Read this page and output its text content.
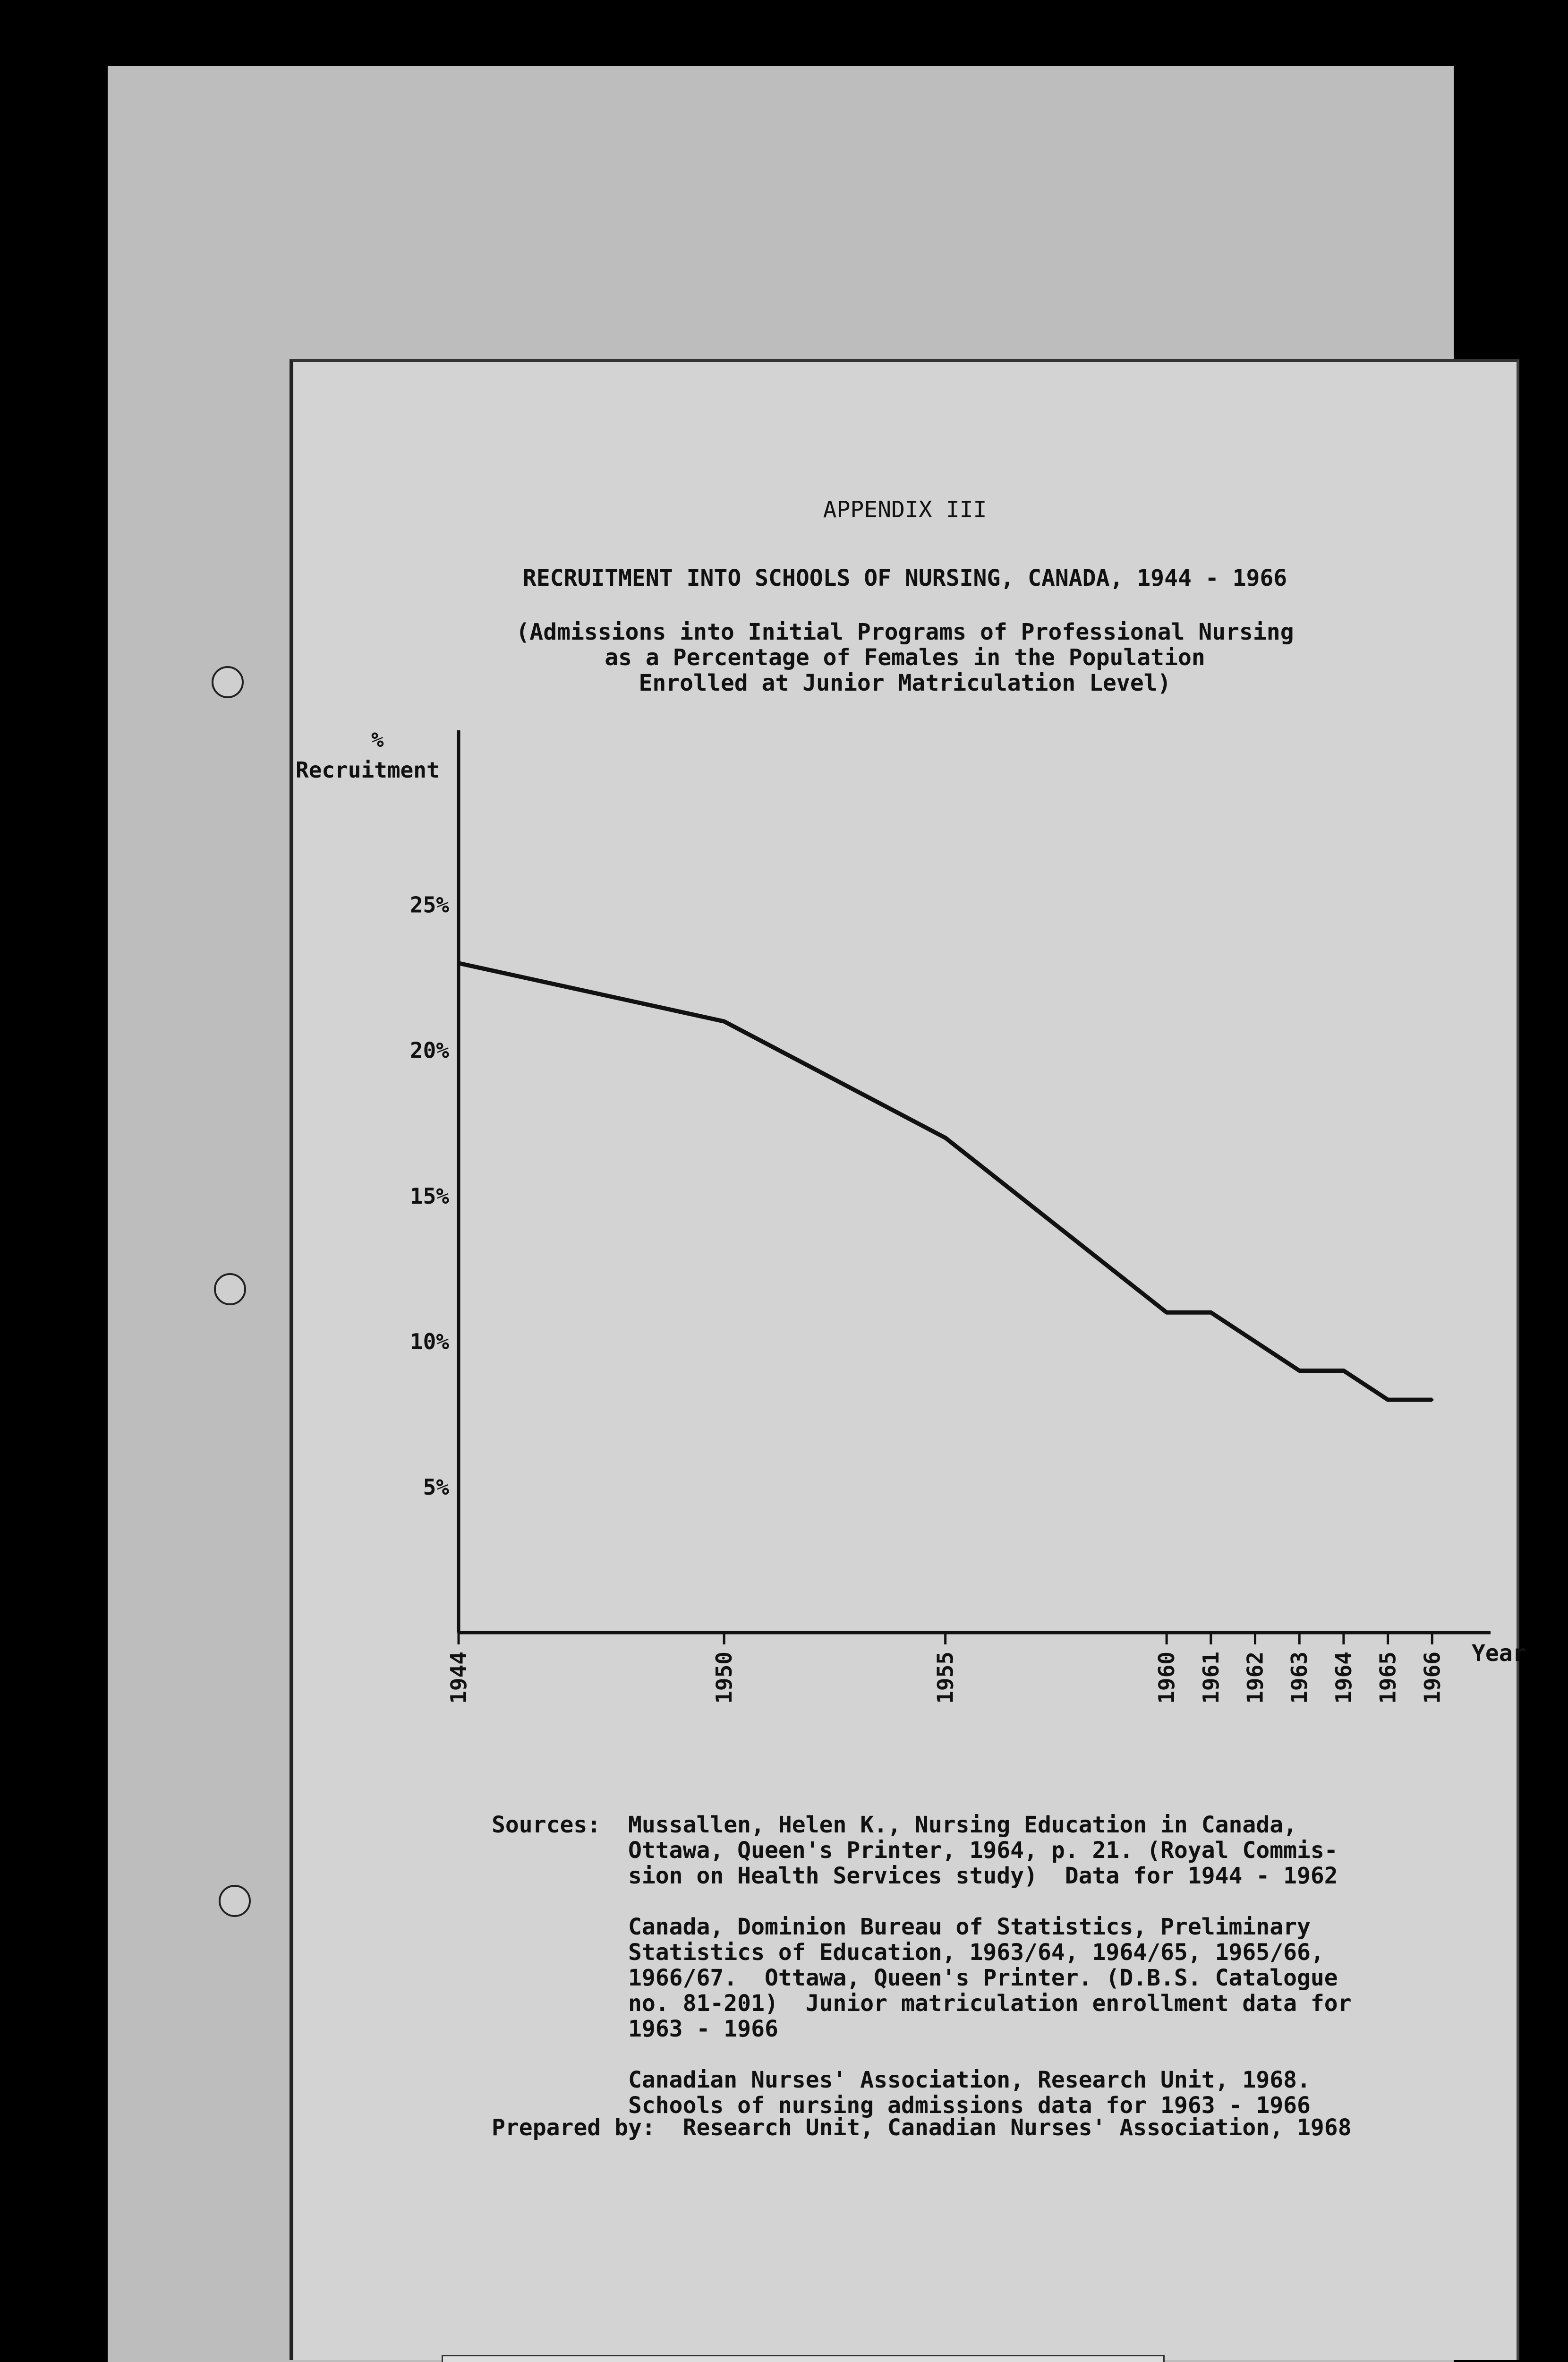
APPENDIX III
RECRUITMENT INTO SCHOOLS OF NURSING, CANADA, 1944 - 1966
(Admissions into Initial Programs of Professional Nursing
as a Percentage of Females in the Population
Enrolled at Junior Matriculation Level)
5%
10%
15%
20%
25%
1944	1950	1955	1960 1961 1962 1963 1964 1965 1966
%
Recruitment
Year
Sources:  Mussallen, Helen K., Nursing Education in Canada,
Ottawa, Queen's Printer, 1964, p. 21. (Royal Commis-
sion on Health Services study)  Data for 1944 - 1962

Canada, Dominion Bureau of Statistics, Preliminary
Statistics of Education, 1963/64, 1964/65, 1965/66,
1966/67.  Ottawa, Queen's Printer. (D.B.S. Catalogue
no. 81-201)  Junior matriculation enrollment data for
1963 - 1966

Canadian Nurses' Association, Research Unit, 1968.
Schools of nursing admissions data for 1963 - 1966
Prepared by:  Research Unit, Canadian Nurses' Association, 1968
